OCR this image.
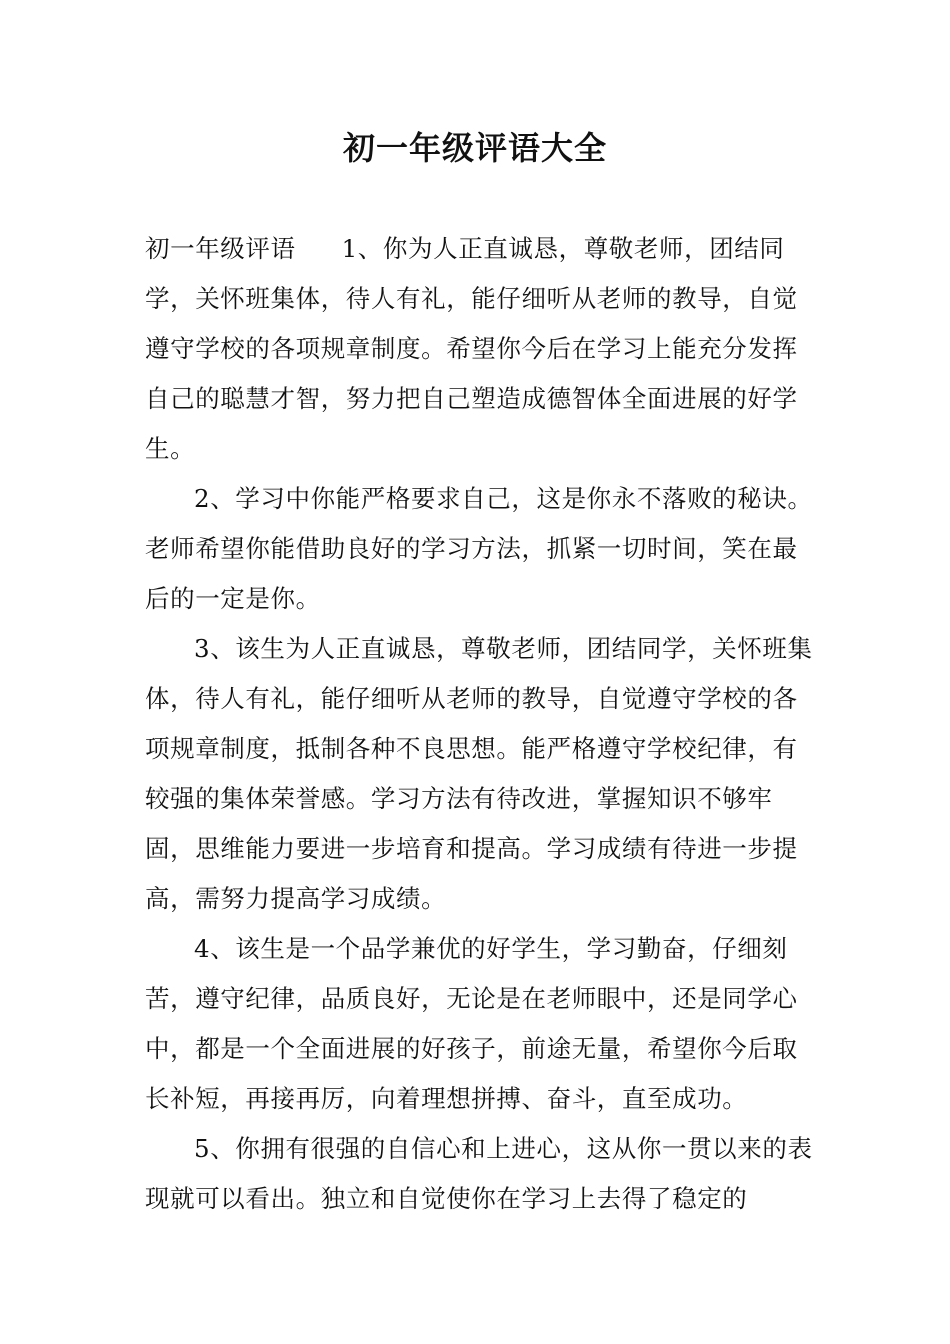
初一年级评语大全

初一年级评语 1、你为人正直诚恳，尊敬老师，团结同学，关怀班集体，待人有礼，能仔细听从老师的教导，自觉遵守学校的各项规章制度。希望你今后在学习上能充分发挥自己的聪慧才智，努力把自己塑造成德智体全面进展的好学生。

2、学习中你能严格要求自己，这是你永不落败的秘诀。老师希望你能借助良好的学习方法，抓紧一切时间，笑在最后的一定是你。

3、该生为人正直诚恳，尊敬老师，团结同学，关怀班集体，待人有礼，能仔细听从老师的教导，自觉遵守学校的各项规章制度，抵制各种不良思想。能严格遵守学校纪律，有较强的集体荣誉感。学习方法有待改进，掌握知识不够牢固，思维能力要进一步培育和提高。学习成绩有待进一步提高，需努力提高学习成绩。

4、该生是一个品学兼优的好学生，学习勤奋，仔细刻苦，遵守纪律，品质良好，无论是在老师眼中，还是同学心中，都是一个全面进展的好孩子，前途无量，希望你今后取长补短，再接再厉，向着理想拼搏、奋斗，直至成功。

5、你拥有很强的自信心和上进心，这从你一贯以来的表现就可以看出。独立和自觉使你在学习上去得了稳定的
